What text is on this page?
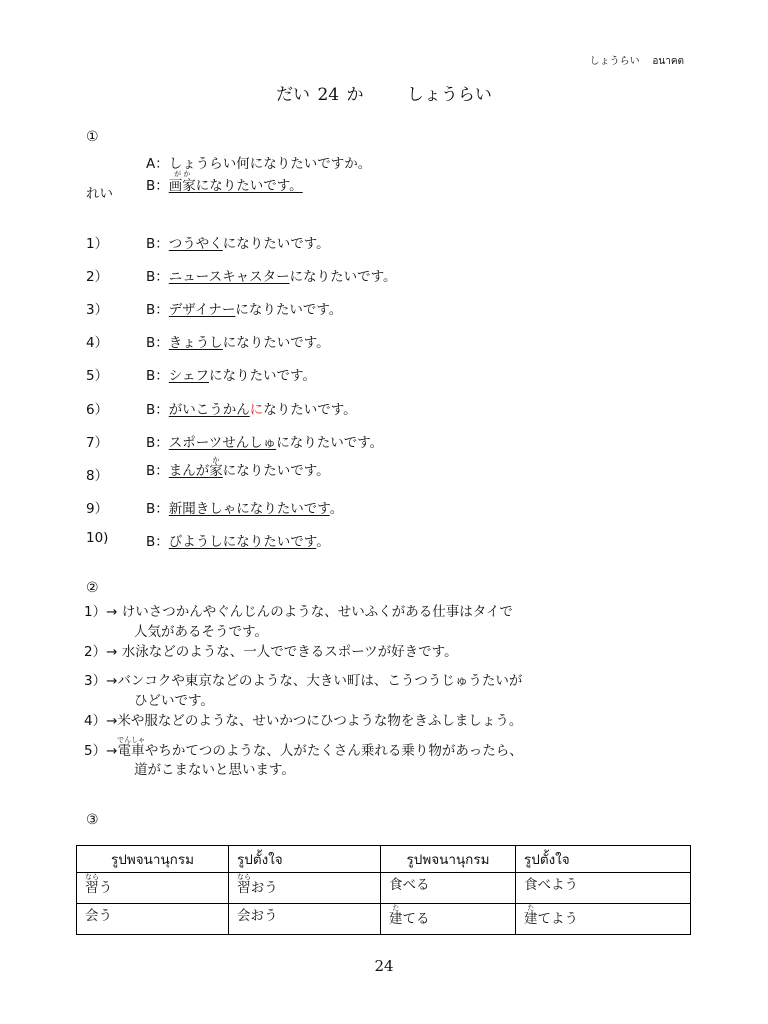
しょうらい อนาคต
だい 24 か	しょうらい
①
A：しょうらい何になりたいですか。
れい B：画家が かになりたいです。
1）	B：つうやくになりたいです。
2）	B：ニュースキャスターになりたいです。
3）	B：デザイナーになりたいです。
4）	B：きょうしになりたいです。
5）	B：シェフになりたいです。
6）	B：がいこうかんになりたいです。
7）	B：スポーツせんしゅになりたいです。
8）	B：まんが家かになりたいです。
9）	B：新聞きしゃになりたいです。
10)	B：びようしになりたいです。
②
1）→ けいさつかんやぐんじんのような、せいふくがある仕事はタイで
人気があるそうです。
2）→ 水泳などのような、一人でできるスポーツが好きです。
3）→バンコクや東京などのような、大きい町は、こうつうじゅうたいが
ひどいです。
4）→米や服などのような、せいかつにひつような物をきふしましょう。
5）→電車でんしゃやちかてつのような、人がたくさん乗れる乗り物があったら、
道がこまないと思います。
③
รูปพจนานุกรม	รูปตั้งใจ	รูปพจนานุกรม	รูปตั้งใจ
習ならう	習ならおう	食べる	食べよう
会う	会おう	建たてる	建たてよう
24
